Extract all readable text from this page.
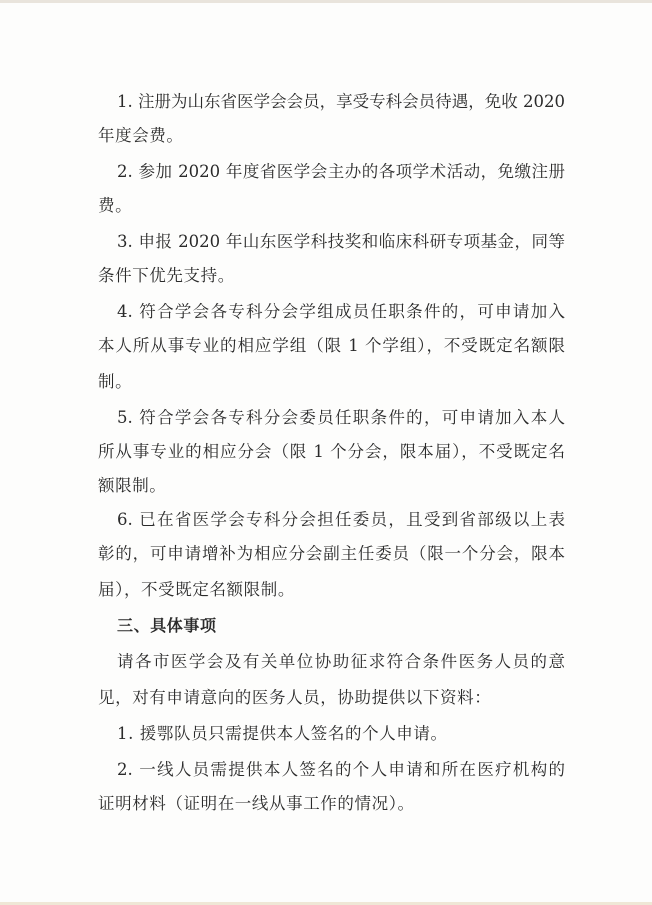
1. 注册为山东省医学会会员，享受专科会员待遇，免收 2020
年度会费。
2. 参加 2020 年度省医学会主办的各项学术活动，免缴注册
费。
3. 申报 2020 年山东医学科技奖和临床科研专项基金，同等
条件下优先支持。
4. 符合学会各专科分会学组成员任职条件的，可申请加入
本人所从事专业的相应学组（限 1 个学组），不受既定名额限
制。
5. 符合学会各专科分会委员任职条件的，可申请加入本人
所从事专业的相应分会（限 1 个分会，限本届），不受既定名
额限制。
6. 已在省医学会专科分会担任委员，且受到省部级以上表
彰的，可申请增补为相应分会副主任委员（限一个分会，限本
届），不受既定名额限制。
三、具体事项
请各市医学会及有关单位协助征求符合条件医务人员的意
见，对有申请意向的医务人员，协助提供以下资料：
1. 援鄂队员只需提供本人签名的个人申请。
2. 一线人员需提供本人签名的个人申请和所在医疗机构的
证明材料（证明在一线从事工作的情况）。
